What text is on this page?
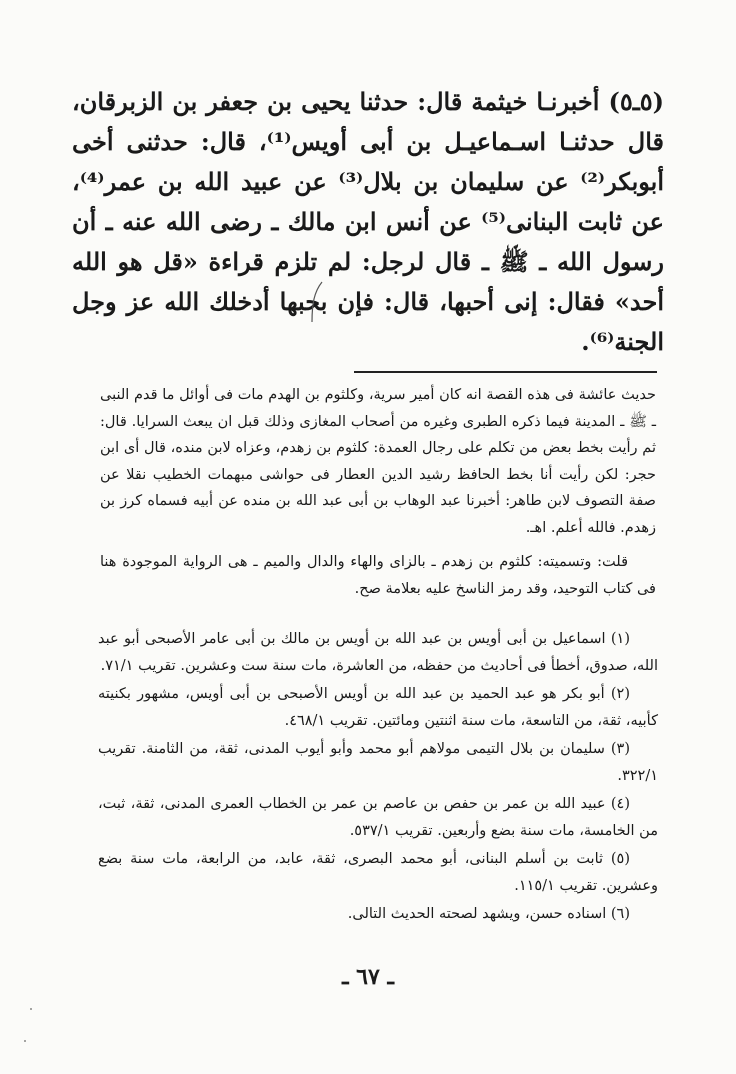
(٥ـ٥) أخبرنـا خيثمة قال: حدثنا يحيى بن جعفر بن الزبرقان، قال حدثنـا اسـماعيـل بن أبى أويس⁽¹⁾، قال: حدثنى أخى أبوبكر⁽²⁾ عن سليمان بن بلال⁽³⁾ عن عبيد الله بن عمر⁽⁴⁾، عن ثابت البنانى⁽⁵⁾ عن أنس ابن مالك ـ رضى الله عنه ـ أن رسول الله ـ ﷺ ـ قال لرجل: لم تلزم قراءة «قل هو الله أحد» فقال: إنى أحبها، قال: فإن بحبها أدخلك الله عز وجل الجنة⁽⁶⁾.

حديث عائشة فى هذه القصة انه كان أمير سرية، وكلثوم بن الهدم مات فى أوائل ما قدم النبى ـ ﷺ ـ المدينة فيما ذكره الطبرى وغيره من أصحاب المغازى وذلك قبل ان يبعث السرايا. قال: ثم رأيت بخط بعض من تكلم على رجال العمدة: كلثوم بن زهدم، وعزاه لابن منده، قال أى ابن حجر: لكن رأيت أنا بخط الحافظ رشيد الدين العطار فى حواشى مبهمات الخطيب نقلا عن صفة التصوف لابن طاهر: أخبرنا عبد الوهاب بن أبى عبد الله بن منده عن أبيه فسماه كرز بن زهدم. فالله أعلم. اهـ.

قلت: وتسميته: كلثوم بن زهدم ـ بالزاى والهاء والدال والميم ـ هى الرواية الموجودة هنا فى كتاب التوحيد، وقد رمز الناسخ عليه بعلامة صح.

(١) اسماعيل بن أبى أويس بن عبد الله بن أويس بن مالك بن أبى عامر الأصبحى أبو عبد الله، صدوق، أخطأ فى أحاديث من حفظه، من العاشرة، مات سنة ست وعشرين. تقريب ٧١/١.

(٢) أبو بكر هو عبد الحميد بن عبد الله بن أويس الأصبحى بن أبى أويس، مشهور بكنيته كأبيه، ثقة، من التاسعة، مات سنة اثنتين ومائتين. تقريب ٤٦٨/١.

(٣) سليمان بن بلال التيمى مولاهم أبو محمد وأبو أيوب المدنى، ثقة، من الثامنة. تقريب ٣٢٢/١.

(٤) عبيد الله بن عمر بن حفص بن عاصم بن عمر بن الخطاب العمرى المدنى، ثقة، ثبت، من الخامسة، مات سنة بضع وأربعين. تقريب ٥٣٧/١.

(٥) ثابت بن أسلم البنانى، أبو محمد البصرى، ثقة، عابد، من الرابعة، مات سنة بضع وعشرين. تقريب ١١٥/١.

(٦) اسناده حسن، ويشهد لصحته الحديث التالى.

ـ ٦٧ ـ
